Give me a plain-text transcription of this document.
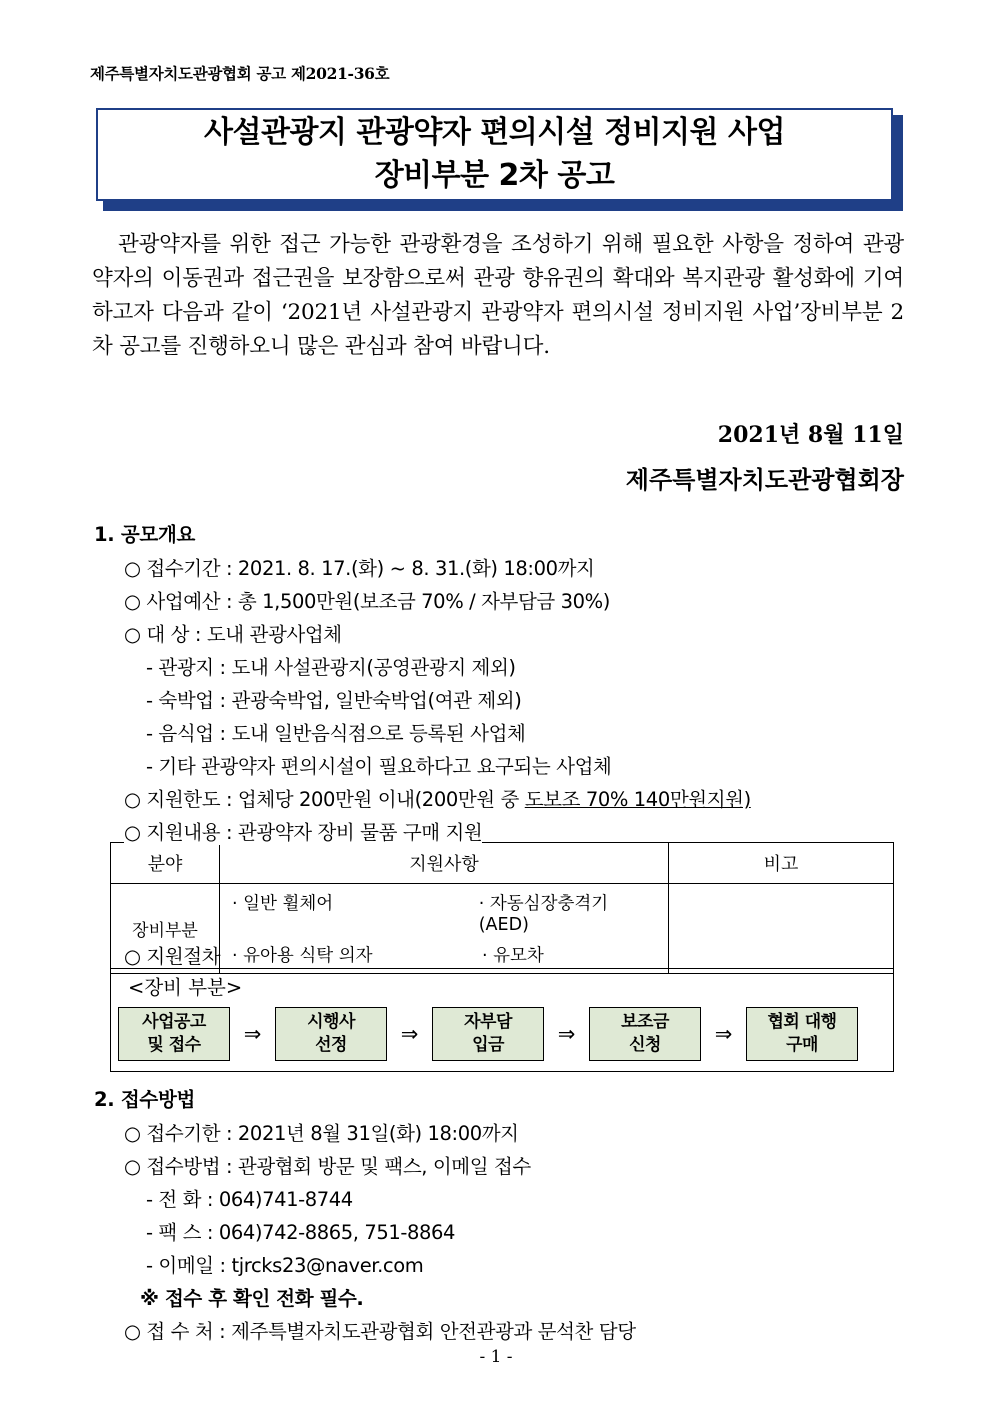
제주특별자치도관광협회 공고 제2021-36호
사설관광지 관광약자 편의시설 정비지원 사업
장비부분 2차 공고
관광약자를 위한 접근 가능한 관광환경을 조성하기 위해 필요한 사항을 정하여 관광약자의 이동권과 접근권을 보장함으로써 관광 향유권의 확대와 복지관광 활성화에 기여하고자 다음과 같이 ‘2021년 사설관광지 관광약자 편의시설 정비지원 사업’장비부분 2차 공고를 진행하오니 많은 관심과 참여 바랍니다.
2021년 8월 11일
제주특별자치도관광협회장
1. 공모개요
○ 접수기간 : 2021. 8. 17.(화) ~ 8. 31.(화) 18:00까지
○ 사업예산 : 총 1,500만원(보조금 70% / 자부담금 30%)
○ 대 상 : 도내 관광사업체
- 관광지 : 도내 사설관광지(공영관광지 제외)
- 숙박업 : 관광숙박업, 일반숙박업(여관 제외)
- 음식업 : 도내 일반음식점으로 등록된 사업체
- 기타 관광약자 편의시설이 필요하다고 요구되는 사업체
○ 지원한도 : 업체당 200만원 이내(200만원 중 도보조 70% 140만원지원)
○ 지원내용 : 관광약자 장비 물품 구매 지원
분야	지원사항	비고
장비부분	· 일반 휠체어 · 자동심장충격기(AED)
· 유아용 식탁 의자 · 유모차	

○ 지원절차
<장비 부분>
사업공고
및 접수	⇒	시행사
선정	⇒	자부담
입금	⇒	보조금
신청	⇒	협회 대행
구매
2. 접수방법
○ 접수기한 : 2021년 8월 31일(화) 18:00까지
○ 접수방법 : 관광협회 방문 및 팩스, 이메일 접수
- 전 화 : 064)741-8744
- 팩 스 : 064)742-8865, 751-8864
- 이메일 : tjrcks23@naver.com
※ 접수 후 확인 전화 필수.
○ 접 수 처 : 제주특별자치도관광협회 안전관광과 문석찬 담당
- 1 -
